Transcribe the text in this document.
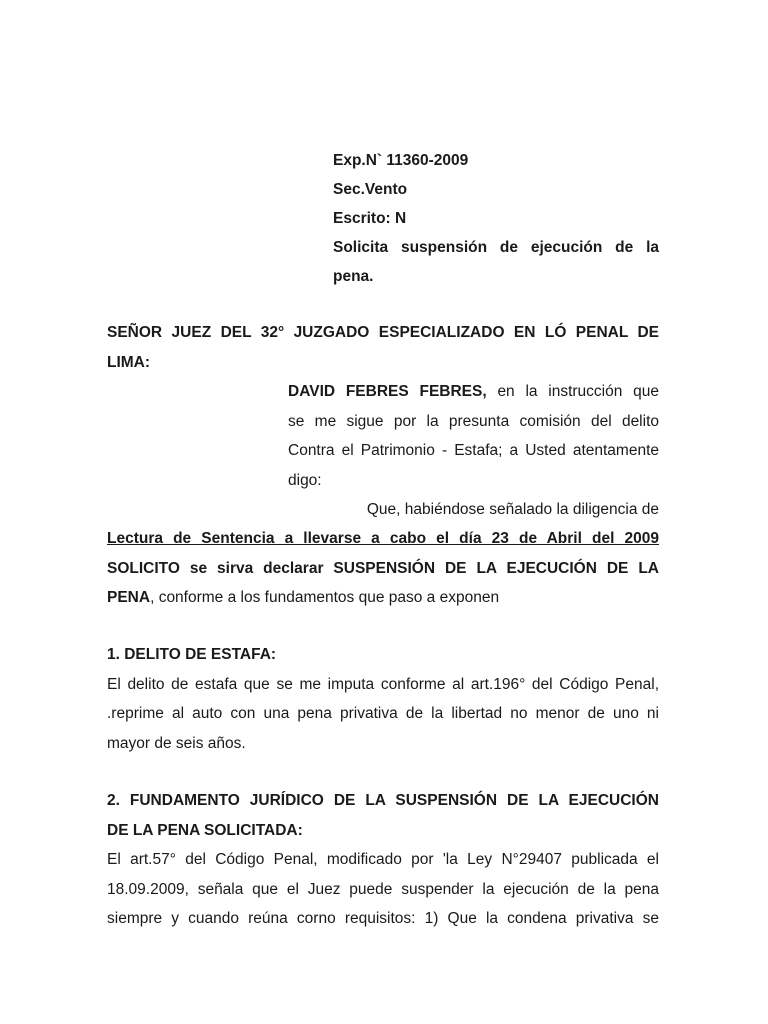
Exp.N` 11360-2009
Sec.Vento
Escrito: N
Solicita suspensión de ejecución de la
pena.
SEÑOR JUEZ DEL 32° JUZGADO ESPECIALIZADO EN LÓ PENAL DE
LIMA:
DAVID FEBRES FEBRES, en la instrucción que
se me sigue por la presunta comisión del delito
Contra el Patrimonio - Estafa; a Usted atentamente
digo:
Que, habiéndose señalado la diligencia de
Lectura de Sentencia a llevarse a cabo el día 23 de Abril del 2009
SOLICITO se sirva declarar SUSPENSIÓN DE LA EJECUCIÓN DE LA
PENA, conforme a los fundamentos que paso a exponen
1. DELITO DE ESTAFA:
El delito de estafa que se me imputa conforme al art.196° del Código Penal,
.reprime al auto con una pena privativa de la libertad no menor de uno ni
mayor de seis años.
2. FUNDAMENTO JURÍDICO DE LA SUSPENSIÓN DE LA EJECUCIÓN
DE LA PENA SOLICITADA:
El art.57° del Código Penal, modificado por 'la Ley N°29407 publicada el
18.09.2009, señala que el Juez puede suspender la ejecución de la pena
siempre y cuando reúna corno requisitos: 1) Que la condena privativa se
